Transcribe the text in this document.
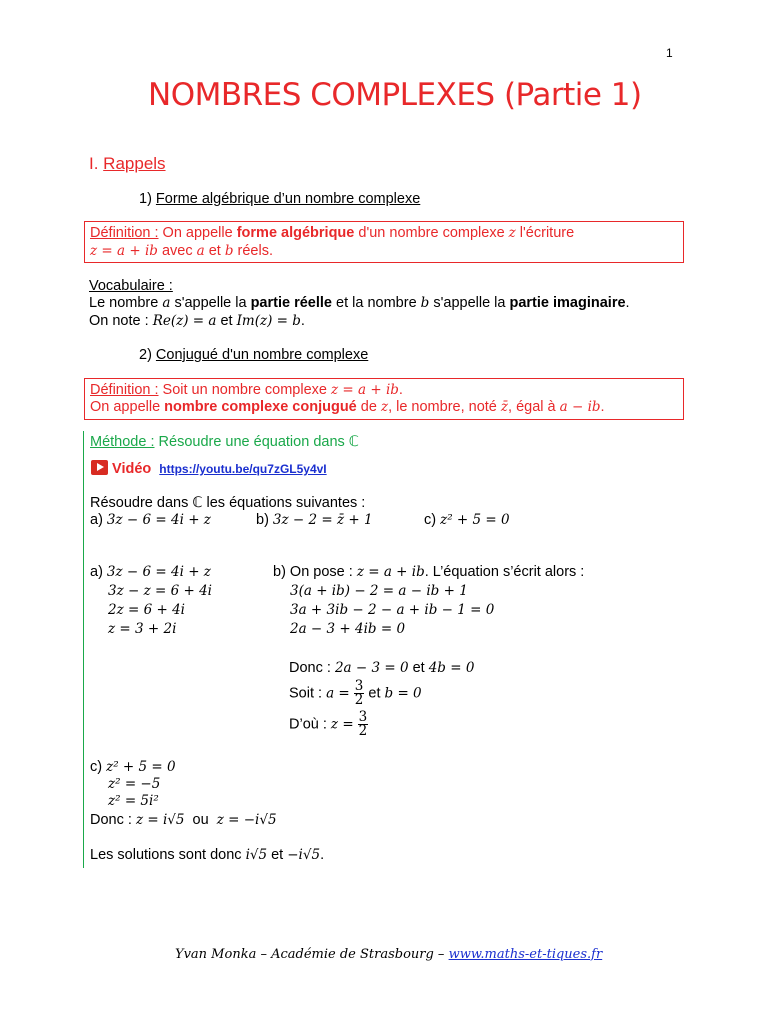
1
NOMBRES COMPLEXES (Partie 1)
I. Rappels
1) Forme algébrique d’un nombre complexe
Définition : On appelle forme algébrique d'un nombre complexe z l'écriture
z = a + ib avec a et b réels.
Vocabulaire :
Le nombre a s'appelle la partie réelle et la nombre b s'appelle la partie imaginaire.
On note : Re(z) = a et Im(z) = b.
2) Conjugué d'un nombre complexe
Définition : Soit un nombre complexe z = a + ib.
On appelle nombre complexe conjugué de z, le nombre, noté z̄, égal à a − ib.
Méthode : Résoudre une équation dans ℂ
Vidéo https://youtu.be/qu7zGL5y4vI
Résoudre dans ℂ les équations suivantes :
a) 3z − 6 = 4i + z	b) 3z − 2 = z̄ + 1	c) z² + 5 = 0
a) 3z − 6 = 4i + z
3z − z = 6 + 4i
2z = 6 + 4i
z = 3 + 2i
b) On pose : z = a + ib. L’équation s’écrit alors :
3(a + ib) − 2 = a − ib + 1
3a + 3ib − 2 − a + ib − 1 = 0
2a − 3 + 4ib = 0
Donc : 2a − 3 = 0 et 4b = 0
Soit : $a = \frac{3}{2}$ et b = 0
D’où : $z = \frac{3}{2}$
c) z² + 5 = 0
z² = −5
z² = 5i²
Donc : z = i√5  ou  z = −i√5
Les solutions sont donc i√5 et −i√5.
Yvan Monka – Académie de Strasbourg – www.maths-et-tiques.fr
